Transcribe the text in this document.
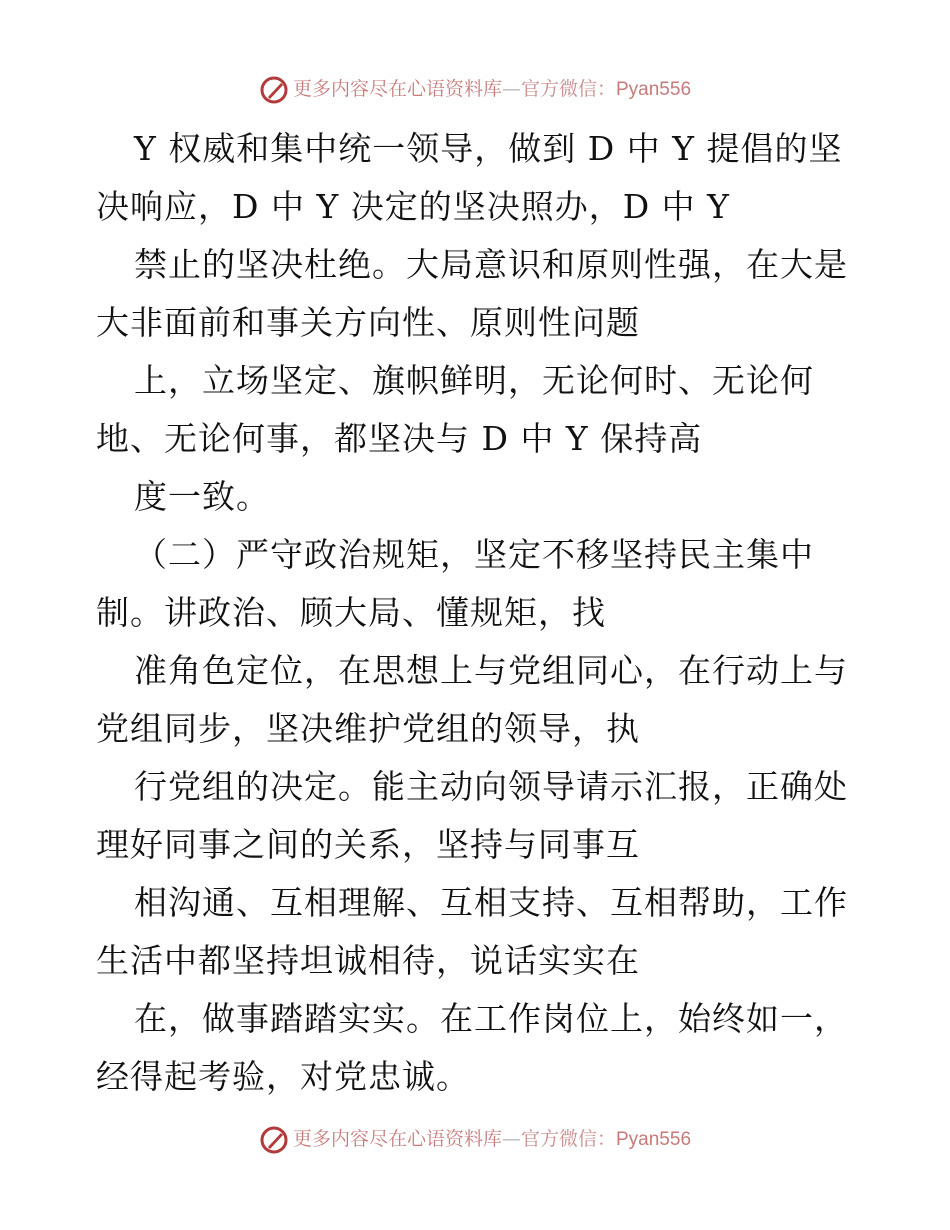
更多内容尽在心语资料库—官方微信：Pyan556
Y 权威和集中统一领导，做到 D 中 Y 提倡的坚
决响应，D 中 Y 决定的坚决照办，D 中 Y
禁止的坚决杜绝。大局意识和原则性强，在大是
大非面前和事关方向性、原则性问题
上，立场坚定、旗帜鲜明，无论何时、无论何
地、无论何事，都坚决与 D 中 Y 保持高
度一致。
（二）严守政治规矩，坚定不移坚持民主集中
制。讲政治、顾大局、懂规矩，找
准角色定位，在思想上与党组同心，在行动上与
党组同步，坚决维护党组的领导，执
行党组的决定。能主动向领导请示汇报，正确处
理好同事之间的关系，坚持与同事互
相沟通、互相理解、互相支持、互相帮助，工作
生活中都坚持坦诚相待，说话实实在
在，做事踏踏实实。在工作岗位上，始终如一，
经得起考验，对党忠诚。
更多内容尽在心语资料库—官方微信：Pyan556
